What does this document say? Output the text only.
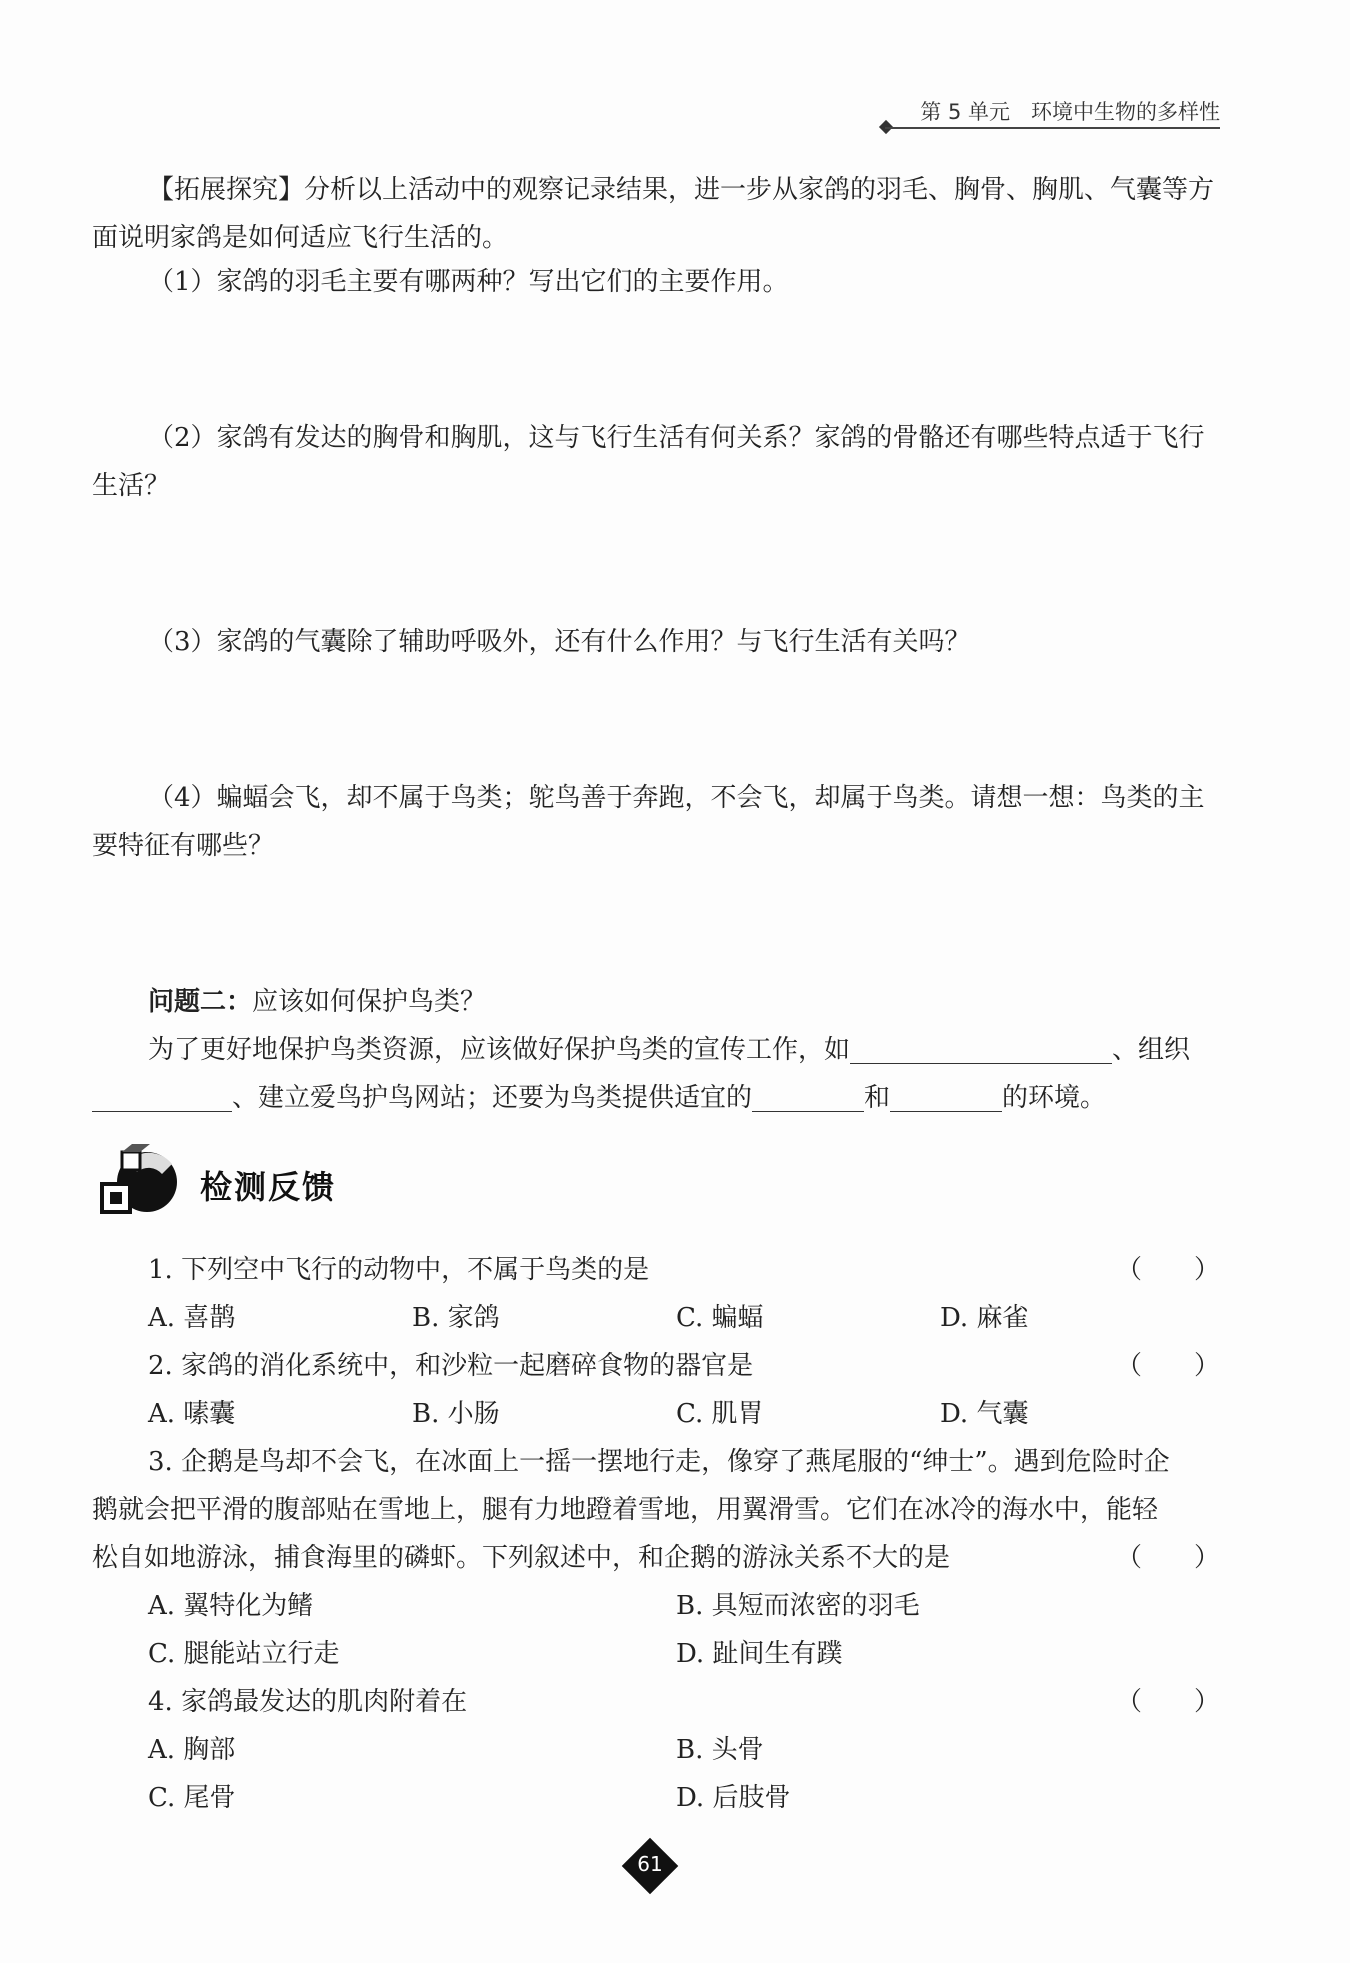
第 5 单元　环境中生物的多样性
【拓展探究】分析以上活动中的观察记录结果，进一步从家鸽的羽毛、胸骨、胸肌、气囊等方面说明家鸽是如何适应飞行生活的。
（1）家鸽的羽毛主要有哪两种？写出它们的主要作用。
（2）家鸽有发达的胸骨和胸肌，这与飞行生活有何关系？家鸽的骨骼还有哪些特点适于飞行生活？
（3）家鸽的气囊除了辅助呼吸外，还有什么作用？与飞行生活有关吗？
（4）蝙蝠会飞，却不属于鸟类；鸵鸟善于奔跑，不会飞，却属于鸟类。请想一想：鸟类的主要特征有哪些？
问题二：应该如何保护鸟类？
为了更好地保护鸟类资源，应该做好保护鸟类的宣传工作，如	、组织、建立爱鸟护鸟网站；还要为鸟类提供适宜的	和	的环境。
检测反馈
1. 下列空中飞行的动物中，不属于鸟类的是	（　　）
A. 喜鹊	B. 家鸽	C. 蝙蝠	D. 麻雀
2. 家鸽的消化系统中，和沙粒一起磨碎食物的器官是	（　　）
A. 嗉囊	B. 小肠	C. 肌胃	D. 气囊
3. 企鹅是鸟却不会飞，在冰面上一摇一摆地行走，像穿了燕尾服的“绅士”。遇到危险时企
鹅就会把平滑的腹部贴在雪地上，腿有力地蹬着雪地，用翼滑雪。它们在冰冷的海水中，能轻
松自如地游泳，捕食海里的磷虾。下列叙述中，和企鹅的游泳关系不大的是	（　　）
A. 翼特化为鳍	B. 具短而浓密的羽毛
C. 腿能站立行走	D. 趾间生有蹼
4. 家鸽最发达的肌肉附着在	（　　）
A. 胸部	B. 头骨
C. 尾骨	D. 后肢骨
61
